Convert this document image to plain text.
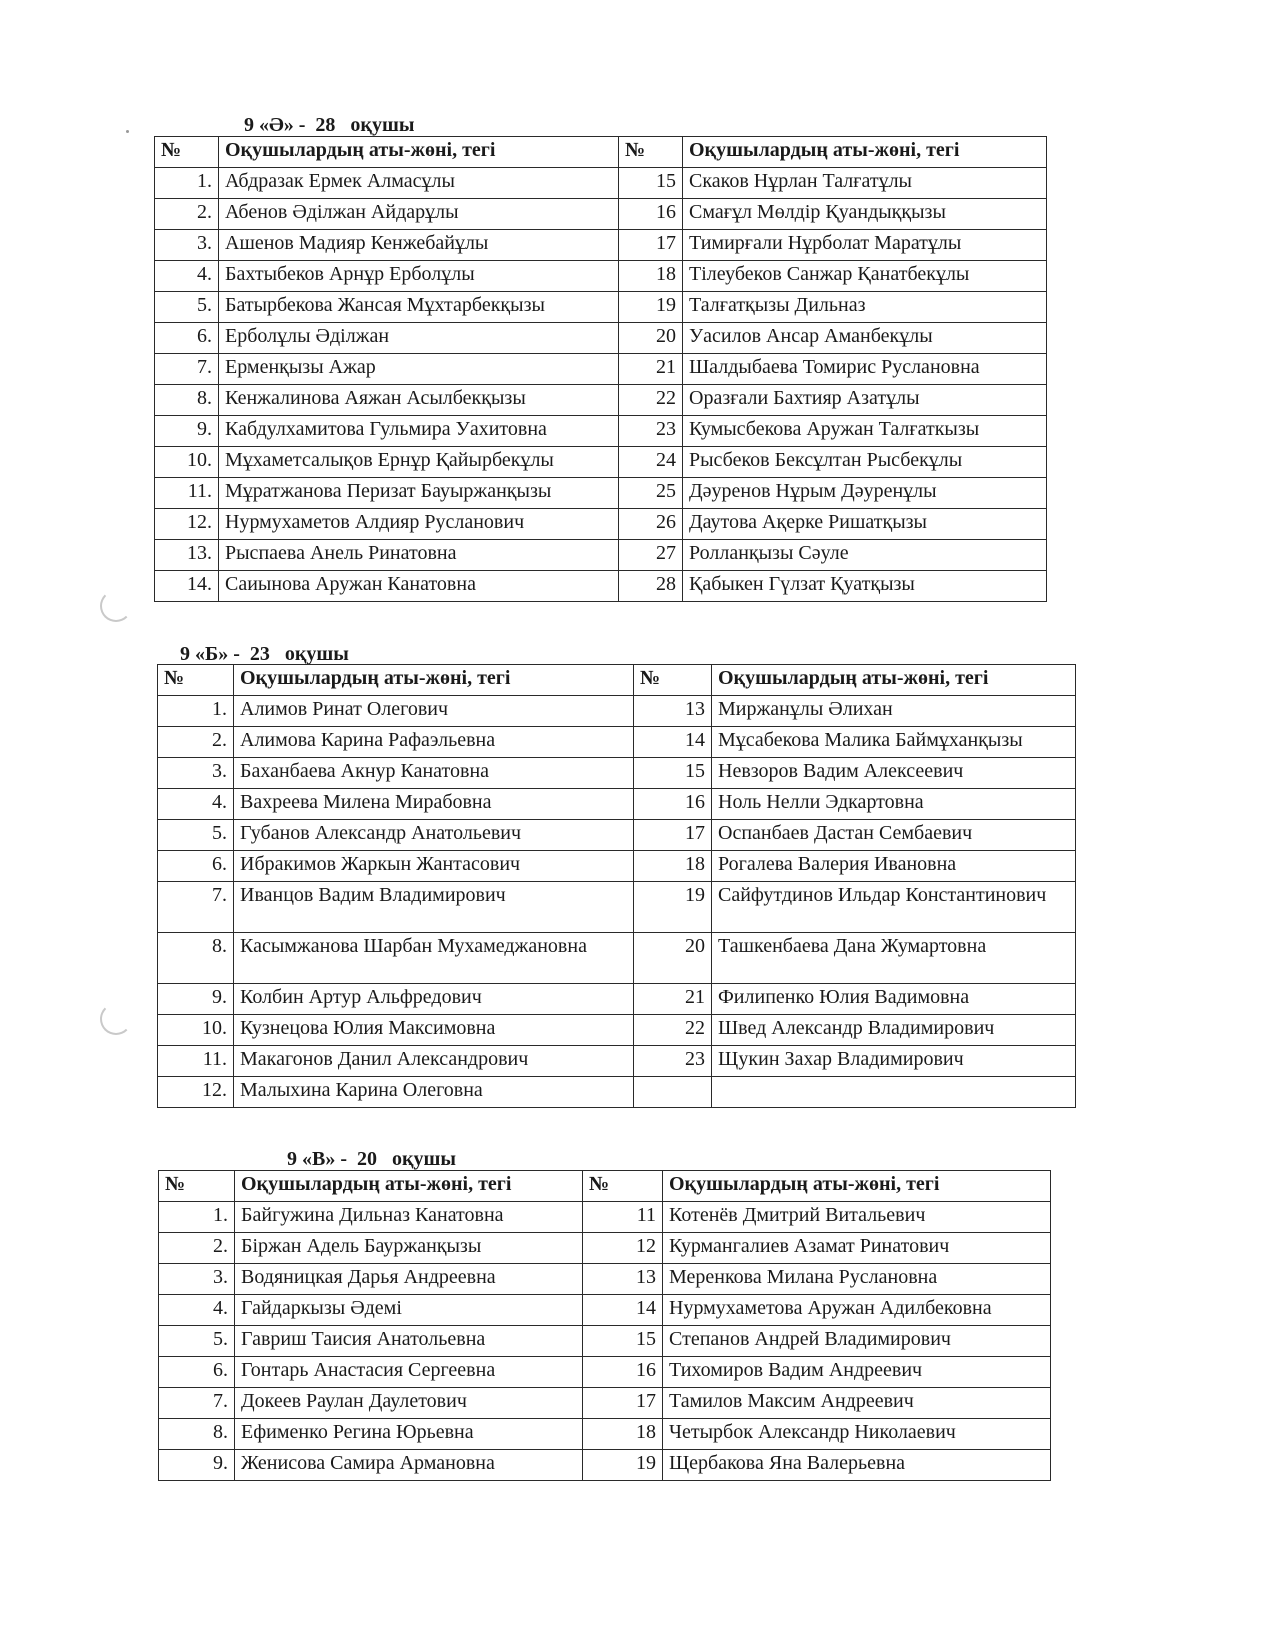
9 «Ә» -  28   оқушы
№	Оқушылардың аты-жөні, тегі	№	Оқушылардың аты-жөні, тегі
1.	Абдразак Ермек Алмасұлы	15	Скаков Нұрлан Талғатұлы
2.	Абенов Әділжан Айдарұлы	16	Смағұл Мөлдір Қуандыққызы
3.	Ашенов Мадияр Кенжебайұлы	17	Тимирғали Нұрболат Маратұлы
4.	Бахтыбеков Арнұр Ерболұлы	18	Тілеубеков Санжар Қанатбекұлы
5.	Батырбекова Жансая Мұхтарбекқызы	19	Талғатқызы Дильназ
6.	Ерболұлы Әділжан	20	Уасилов Ансар Аманбекұлы
7.	Ерменқызы Ажар	21	Шалдыбаева Томирис Руслановна
8.	Кенжалинова Аяжан Асылбекқызы	22	Оразғали Бахтияр Азатұлы
9.	Кабдулхамитова Гульмира Уахитовна	23	Кумысбекова Аружан Талғаткызы
10.	Мұхаметсалықов Ернұр Қайырбекұлы	24	Рысбеков Бексұлтан Рысбекұлы
11.	Мұратжанова Перизат Бауыржанқызы	25	Дәуренов Нұрым Дәуренұлы
12.	Нурмухаметов Алдияр Русланович	26	Даутова Ақерке Ришатқызы
13.	Рыспаева Анель Ринатовна	27	Ролланқызы Сәуле
14.	Саиынова Аружан Канатовна	28	Қабыкен Гүлзат Қуатқызы
9 «Б» -  23   оқушы
№	Оқушылардың аты-жөні, тегі	№	Оқушылардың аты-жөні, тегі
1.	Алимов Ринат Олегович	13	Миржанұлы Әлихан
2.	Алимова Карина Рафаэльевна	14	Мұсабекова Малика Баймұханқызы
3.	Баханбаева Акнур Канатовна	15	Невзоров Вадим Алексеевич
4.	Вахреева Милена Мирабовна	16	Ноль Нелли Эдкартовна
5.	Губанов Александр Анатольевич	17	Оспанбаев Дастан Сембаевич
6.	Ибракимов Жаркын Жантасович	18	Рогалева Валерия Ивановна
7.	Иванцов Вадим Владимирович	19	Сайфутдинов Ильдар Константинович
8.	Касымжанова Шарбан Мухамеджановна	20	Ташкенбаева Дана Жумартовна
9.	Колбин Артур Альфредович	21	Филипенко Юлия Вадимовна
10.	Кузнецова Юлия Максимовна	22	Швед Александр Владимирович
11.	Макагонов Данил Александрович	23	Щукин Захар Владимирович
12.	Малыхина Карина Олеговна		
9 «В» -  20   оқушы
№	Оқушылардың аты-жөні, тегі	№	Оқушылардың аты-жөні, тегі
1.	Байгужина Дильназ Канатовна	11	Котенёв Дмитрий Витальевич
2.	Біржан Адель Бауржанқызы	12	Курмангалиев Азамат Ринатович
3.	Водяницкая Дарья Андреевна	13	Меренкова Милана Руслановна
4.	Гайдаркызы Әдемі	14	Нурмухаметова Аружан Адилбековна
5.	Гавриш Таисия Анатольевна	15	Степанов Андрей Владимирович
6.	Гонтарь Анастасия Сергеевна	16	Тихомиров Вадим Андреевич
7.	Докеев Раулан Даулетович	17	Тамилов Максим Андреевич
8.	Ефименко Регина Юрьевна	18	Четырбок Александр Николаевич
9.	Женисова Самира Армановна	19	Щербакова Яна Валерьевна
